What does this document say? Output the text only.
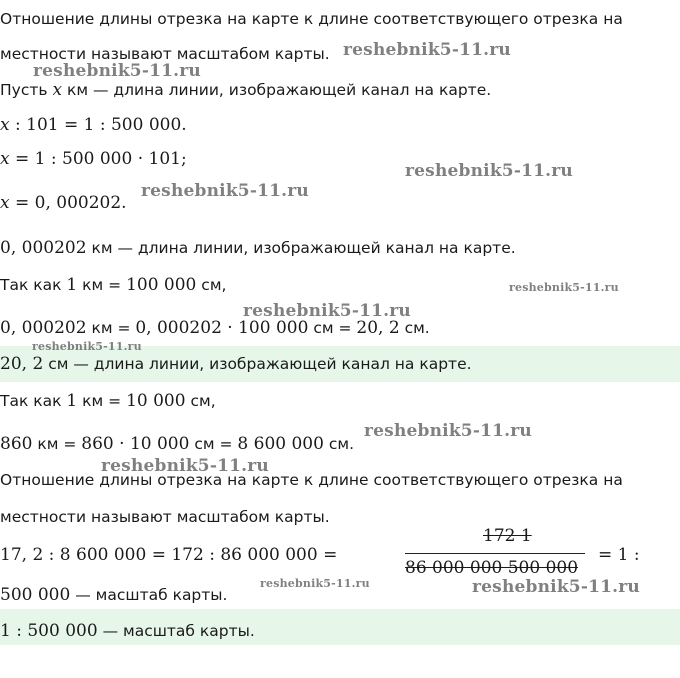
Отношение длины отрезка на карте к длине соответствующего отрезка на
местности называют масштабом карты.
Пусть x км — длина линии, изображающей канал на карте.
x : 101 = 1 : 500 000.
x = 1 : 500 000 · 101;
x = 0, 000202.
0, 000202 км — длина линии, изображающей канал на карте.
Так как 1 км = 100 000 см,
0, 000202 км = 0, 000202 · 100 000 см = 20, 2 см.
20, 2 см — длина линии, изображающей канал на карте.
Так как 1 км = 10 000 см,
860 км = 860 · 10 000 см = 8 600 000 см.
Отношение длины отрезка на карте к длине соответствующего отрезка на
местности называют масштабом карты.
17, 2 : 8 600 000 = 172 : 86 000 000 =
172 1
86 000 000 500 000
= 1 :
500 000 — масштаб карты.
1 : 500 000 — масштаб карты.
reshebnik5-11.ru
reshebnik5-11.ru
reshebnik5-11.ru
reshebnik5-11.ru
reshebnik5-11.ru
reshebnik5-11.ru
reshebnik5-11.ru
reshebnik5-11.ru
reshebnik5-11.ru
reshebnik5-11.ru	reshebnik5-11.ru
